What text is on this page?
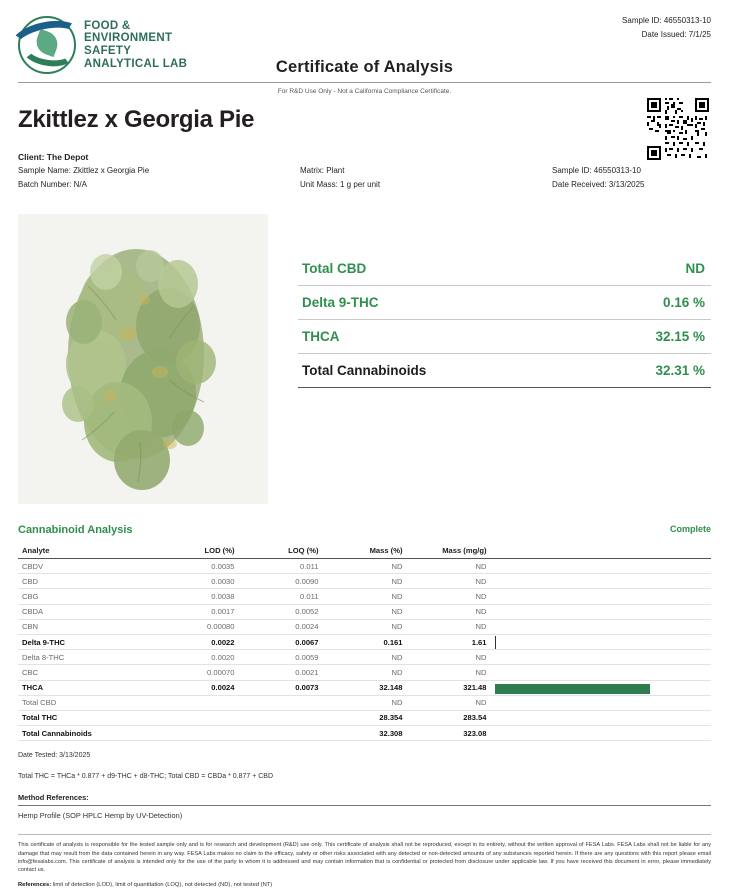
FOOD &
ENVIRONMENT
SAFETY
ANALYTICAL LAB
Sample ID: 46550313-10
Date Issued: 7/1/25
Certificate of Analysis
For R&D Use Only - Not a California Compliance Certificate.
Zkittlez x Georgia Pie
Client: The Depot
Sample Name: Zkittlez x Georgia Pie
Batch Number: N/A
Matrix: Plant
Unit Mass: 1 g per unit
Sample ID: 46550313-10
Date Received: 3/13/2025
Total CBD	ND
Delta 9-THC	0.16 %
THCA	32.15 %
Total Cannabinoids	32.31 %
Cannabinoid Analysis	Complete
Analyte	LOD (%)	LOQ (%)	Mass (%)	Mass (mg/g)	
CBDV	0.0035	0.011	ND	ND	
CBD	0.0030	0.0090	ND	ND	
CBG	0.0038	0.011	ND	ND	
CBDA	0.0017	0.0052	ND	ND	
CBN	0.00080	0.0024	ND	ND	
Delta 9-THC	0.0022	0.0067	0.161	1.61	

Delta 8-THC	0.0020	0.0059	ND	ND	
CBC	0.00070	0.0021	ND	ND	
THCA	0.0024	0.0073	32.148	321.48	

Total CBD			ND	ND	
Total THC			28.354	283.54	
Total Cannabinoids			32.308	323.08	
Date Tested: 3/13/2025
Total THC = THCa * 0.877 + d9-THC + d8-THC; Total CBD = CBDa * 0.877 + CBD
Method References:
Hemp Profile (SOP HPLC Hemp by UV-Detection)
This certificate of analysis is responsible for the tested sample only and is for research and development (R&D) use only. This certificate of analysis shall not be reproduced, except in its entirety, without the written approval of FESA Labs. FESA Labs shall not be liable for any damage that may result from the data contained herein in any way. FESA Labs makes no claim to the efficacy, safety or other risks associated with any detected or non-detected amounts of any substances reported herein. If there are any questions with this report please email info@fesalabs.com. This certificate of analysis is intended only for the use of the party to whom it is addressed and may contain information that is confidential or protected from disclosure under applicable law. If you have received this document in error, please immediately contact us.
References: limit of detection (LOD), limit of quantitation (LOQ), not detected (ND), not tested (NT)
